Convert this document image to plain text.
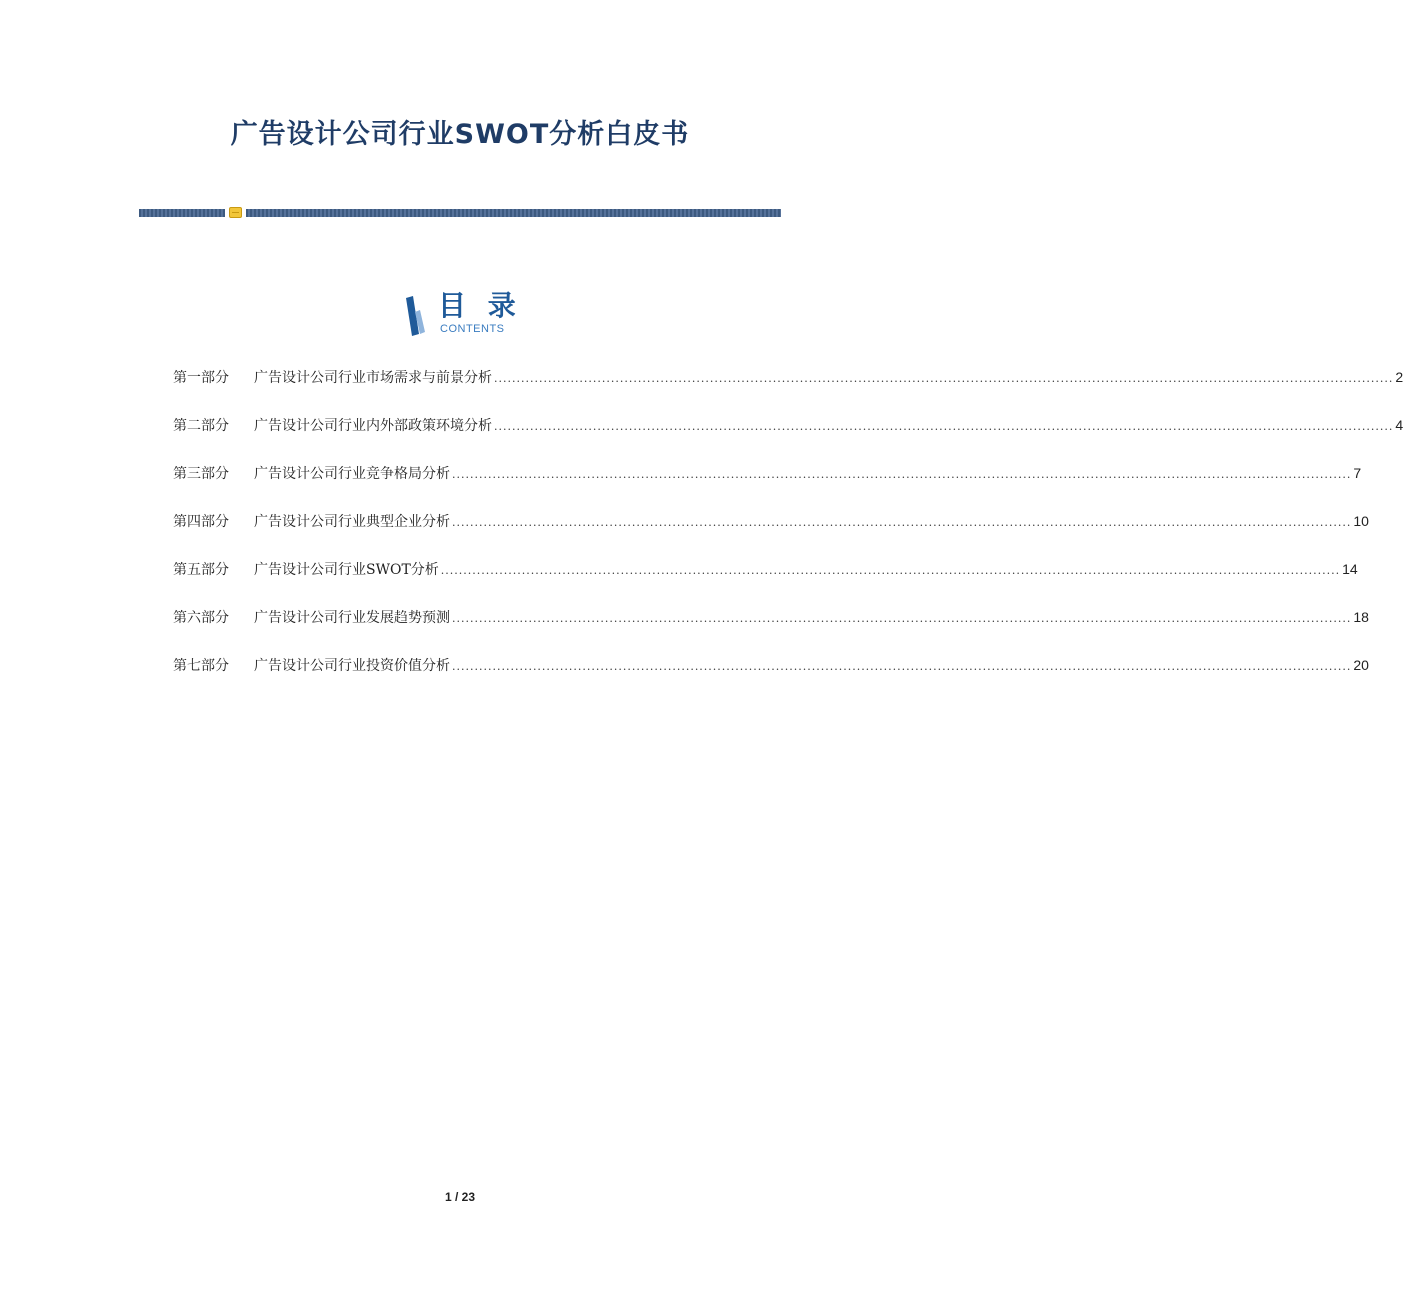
广告设计公司行业SWOT分析白皮书
目 录
CONTENTS
第一部分	广告设计公司行业市场需求与前景分析 ........................................................................................................................................................................................................ 2
第二部分	广告设计公司行业内外部政策环境分析 ........................................................................................................................................................................................................ 4
第三部分	广告设计公司行业竞争格局分析 ........................................................................................................................................................................................................ 7
第四部分	广告设计公司行业典型企业分析 ........................................................................................................................................................................................................ 10
第五部分	广告设计公司行业SWOT分析 ........................................................................................................................................................................................................ 14
第六部分	广告设计公司行业发展趋势预测 ........................................................................................................................................................................................................ 18
第七部分	广告设计公司行业投资价值分析 ........................................................................................................................................................................................................ 20
1 / 23
